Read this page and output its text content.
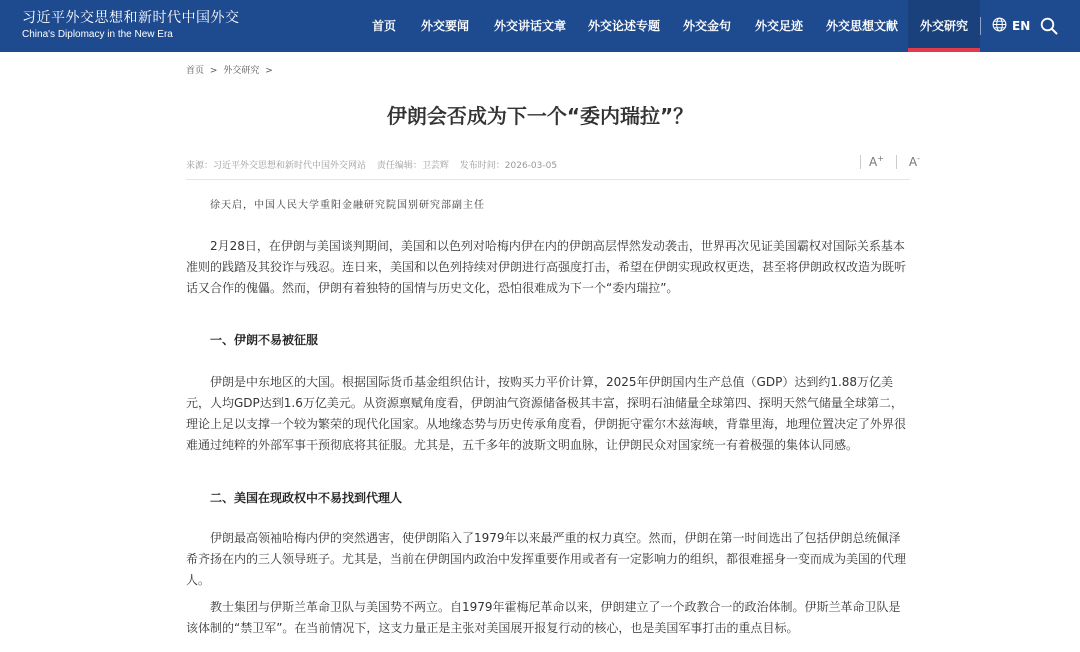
习近平外交思想和新时代中国外交
China's Diplomacy in the New Era
首页	外交要闻	外交讲话文章	外交论述专题	外交金句	外交足迹	外交思想文献	外交研究	EN
首页 > 外交研究 >
伊朗会否成为下一个“委内瑞拉”？
来源：习近平外交思想和新时代中国外交网站 责任编辑：卫芸辉 发布时间：2026-03-05	A+ A-
徐天启，中国人民大学重阳金融研究院国别研究部副主任

2月28日，在伊朗与美国谈判期间，美国和以色列对哈梅内伊在内的伊朗高层悍然发动袭击，世界再次见证美国霸权对国际关系基本准则的践踏及其狡诈与残忍。连日来，美国和以色列持续对伊朗进行高强度打击，希望在伊朗实现政权更迭，甚至将伊朗政权改造为既听话又合作的傀儡。然而，伊朗有着独特的国情与历史文化，恐怕很难成为下一个“委内瑞拉”。

一、伊朗不易被征服

伊朗是中东地区的大国。根据国际货币基金组织估计，按购买力平价计算，2025年伊朗国内生产总值（GDP）达到约1.88万亿美元，人均GDP达到1.6万亿美元。从资源禀赋角度看，伊朗油气资源储备极其丰富，探明石油储量全球第四、探明天然气储量全球第二，理论上足以支撑一个较为繁荣的现代化国家。从地缘态势与历史传承角度看，伊朗扼守霍尔木兹海峡，背靠里海，地理位置决定了外界很难通过纯粹的外部军事干预彻底将其征服。尤其是，五千多年的波斯文明血脉，让伊朗民众对国家统一有着极强的集体认同感。

二、美国在现政权中不易找到代理人

伊朗最高领袖哈梅内伊的突然遇害，使伊朗陷入了1979年以来最严重的权力真空。然而，伊朗在第一时间选出了包括伊朗总统佩泽希齐扬在内的三人领导班子。尤其是，当前在伊朗国内政治中发挥重要作用或者有一定影响力的组织，都很难摇身一变而成为美国的代理人。

教士集团与伊斯兰革命卫队与美国势不两立。自1979年霍梅尼革命以来，伊朗建立了一个政教合一的政治体制。伊斯兰革命卫队是该体制的“禁卫军”。在当前情况下，这支力量正是主张对美国展开报复行动的核心，也是美国军事打击的重点目标。
